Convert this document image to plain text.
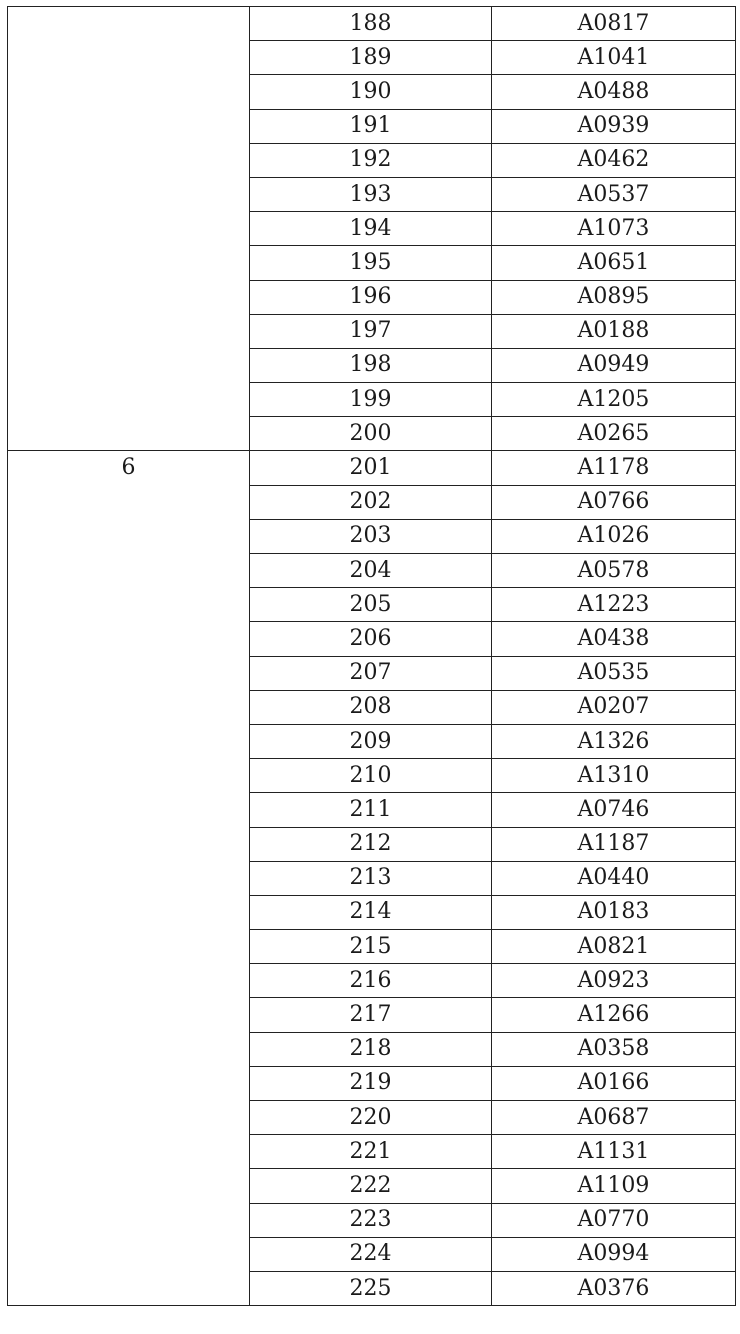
	188	A0817
	189	A1041
	190	A0488
	191	A0939
	192	A0462
	193	A0537
	194	A1073
	195	A0651
	196	A0895
	197	A0188
	198	A0949
	199	A1205
	200	A0265
6	201	A1178
	202	A0766
	203	A1026
	204	A0578
	205	A1223
	206	A0438
	207	A0535
	208	A0207
	209	A1326
	210	A1310
	211	A0746
	212	A1187
	213	A0440
	214	A0183
	215	A0821
	216	A0923
	217	A1266
	218	A0358
	219	A0166
	220	A0687
	221	A1131
	222	A1109
	223	A0770
	224	A0994
	225	A0376
